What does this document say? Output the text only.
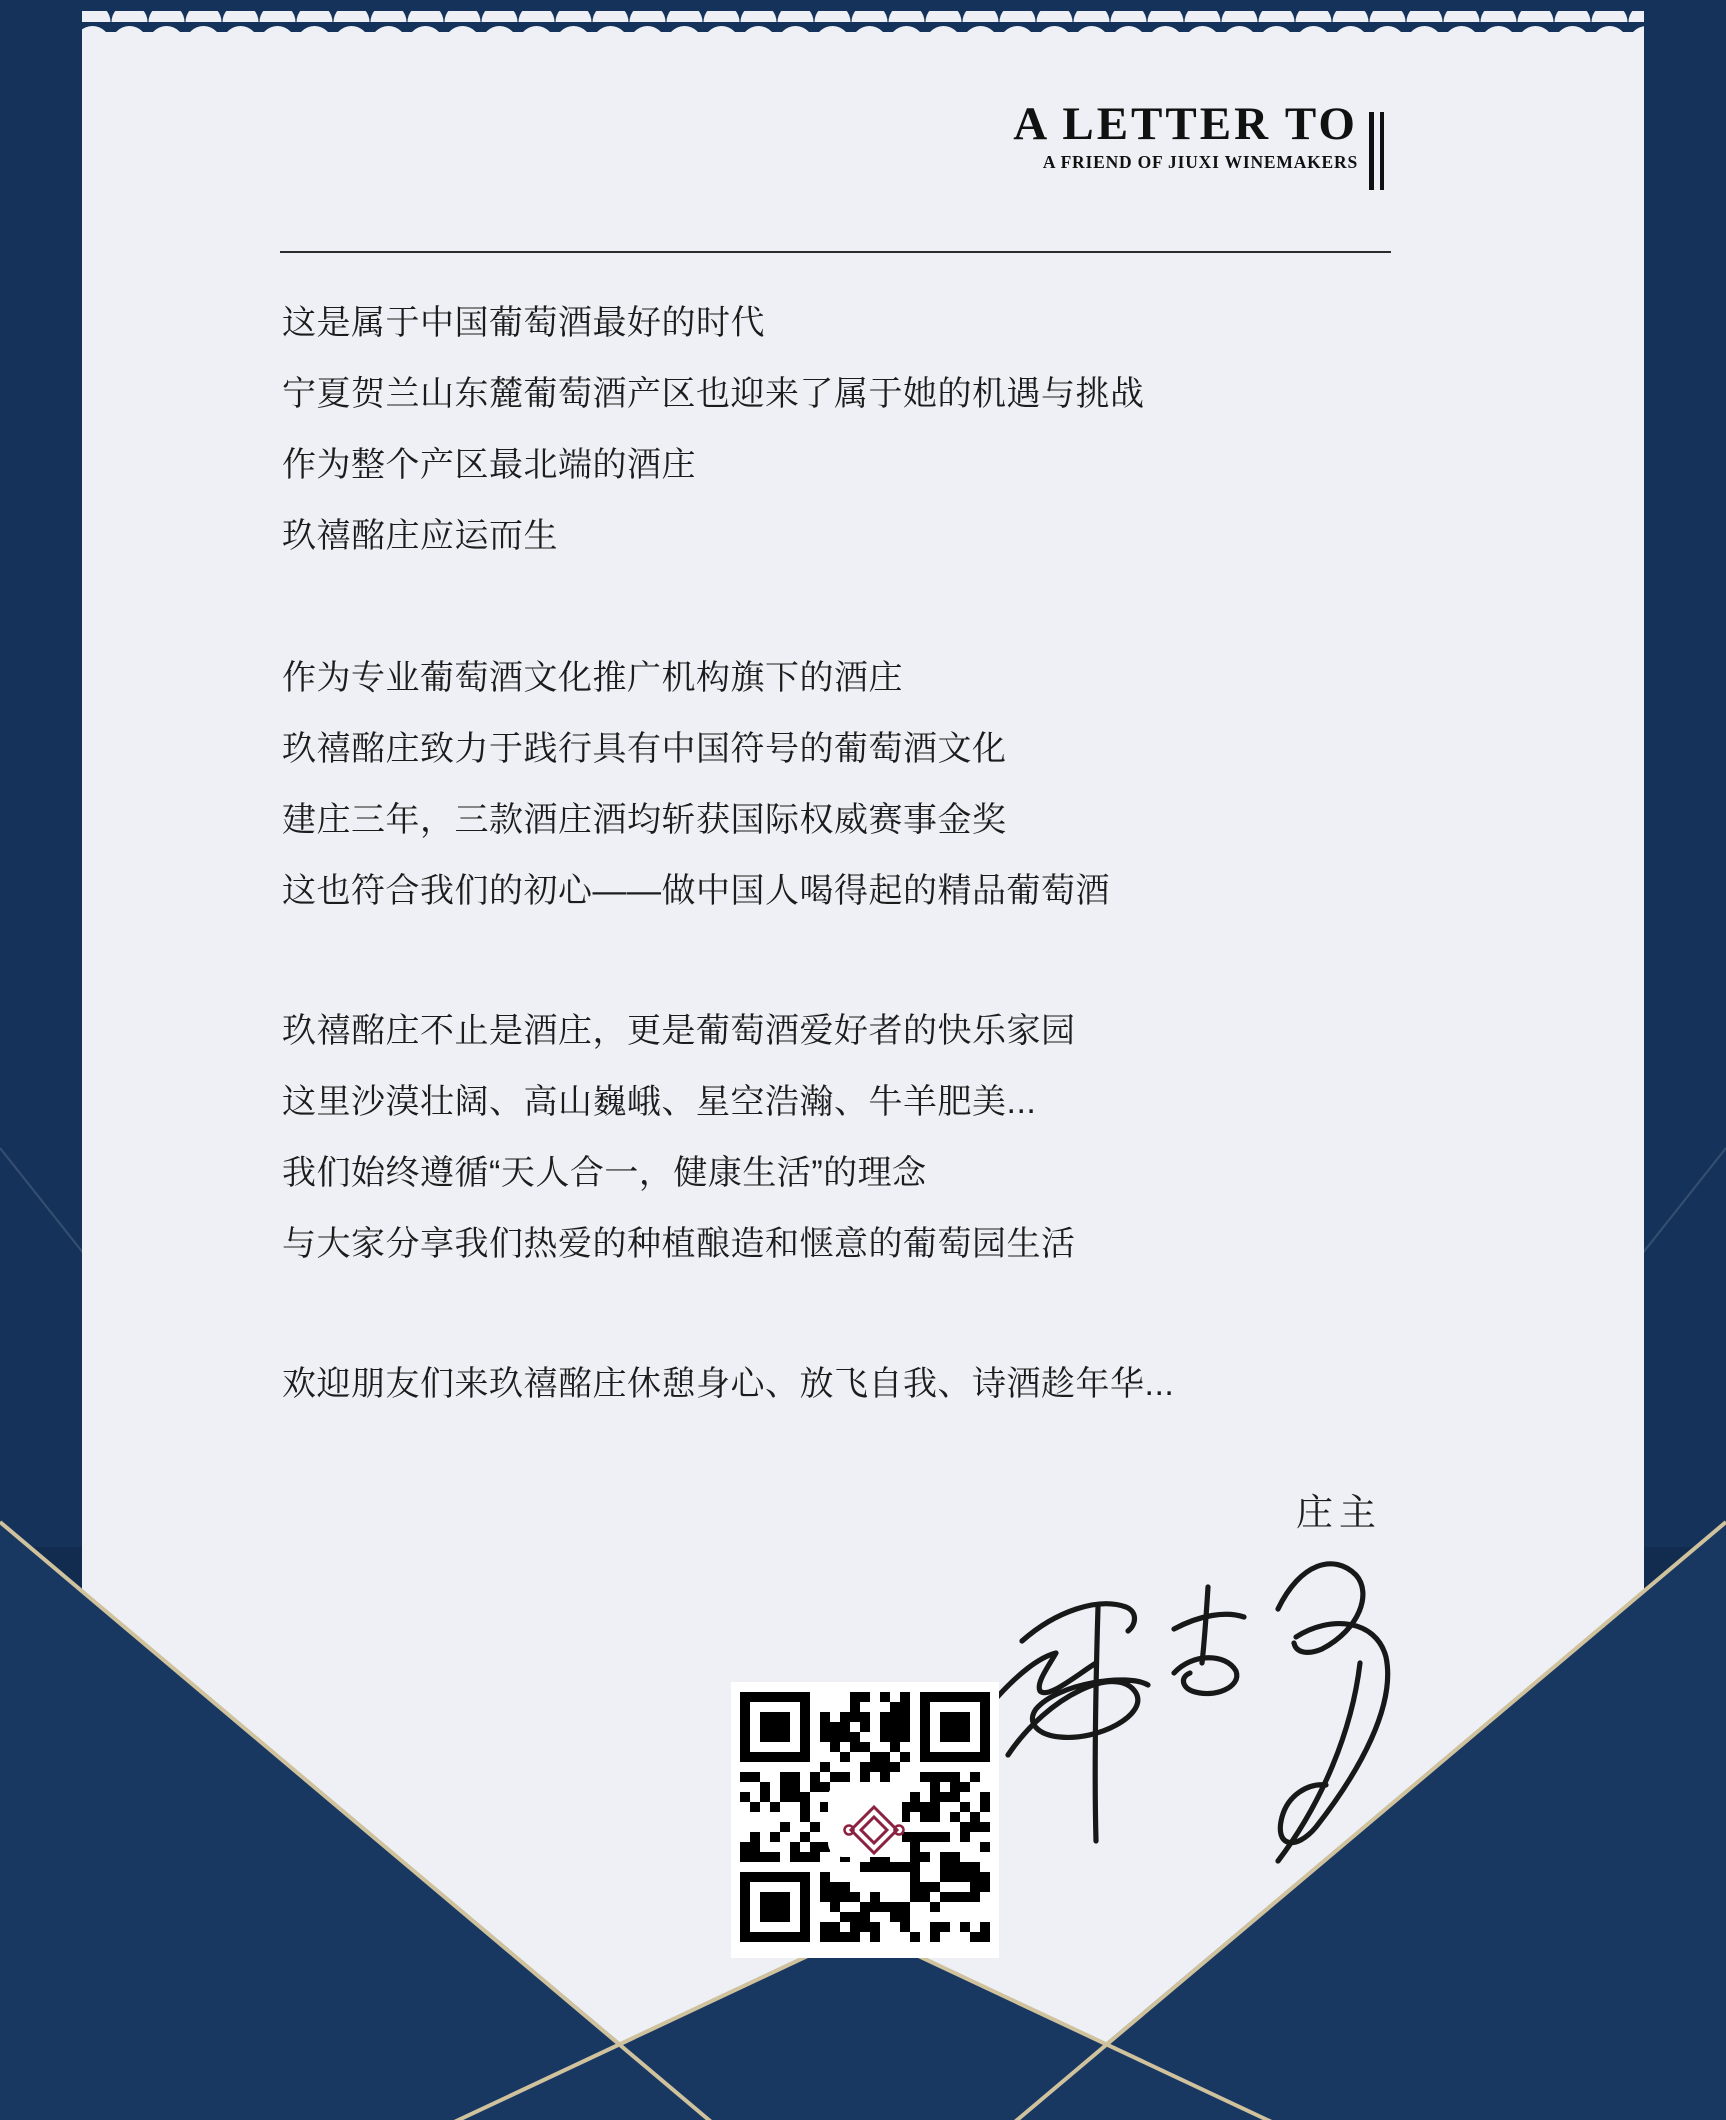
A LETTER TO
A FRIEND OF JIUXI WINEMAKERS
这是属于中国葡萄酒最好的时代
宁夏贺兰山东麓葡萄酒产区也迎来了属于她的机遇与挑战
作为整个产区最北端的酒庄
玖禧酩庄应运而生
作为专业葡萄酒文化推广机构旗下的酒庄
玖禧酩庄致力于践行具有中国符号的葡萄酒文化
建庄三年，三款酒庄酒均斩获国际权威赛事金奖
这也符合我们的初心——做中国人喝得起的精品葡萄酒
玖禧酩庄不止是酒庄，更是葡萄酒爱好者的快乐家园
这里沙漠壮阔、高山巍峨、星空浩瀚、牛羊肥美...
我们始终遵循“天人合一，健康生活”的理念
与大家分享我们热爱的种植酿造和惬意的葡萄园生活
欢迎朋友们来玖禧酩庄休憩身心、放飞自我、诗酒趁年华...
庄主
